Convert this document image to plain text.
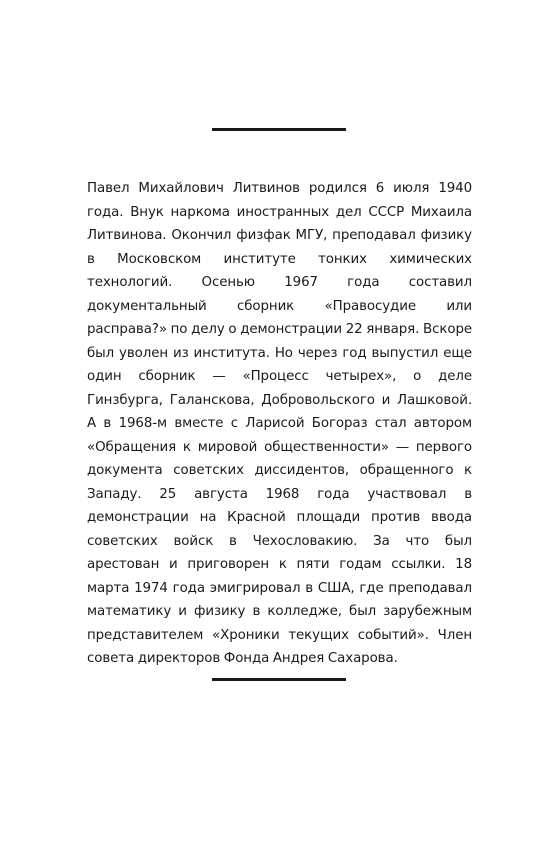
Павел Михайлович Литвинов родился 6 июля 1940 года. Внук наркома иностранных дел СССР Михаила Литвинова. Окончил физфак МГУ, преподавал физику в Московском институте тонких химических технологий. Осенью 1967 года составил документальный сборник «Правосудие или расправа?» по делу о демонстрации 22 января. Вскоре был уволен из института. Но через год выпустил еще один сборник — «Процесс четырех», о деле Гинзбурга, Галанскова, Добровольского и Лашковой. А в 1968-м вместе с Ларисой Богораз стал автором «Обращения к мировой общественности» — первого документа советских диссидентов, обращенного к Западу. 25 августа 1968 года участвовал в демонстрации на Красной площади против ввода советских войск в Чехословакию. За что был арестован и приговорен к пяти годам ссылки. 18 марта 1974 года эмигрировал в США, где преподавал математику и физику в колледже, был зарубежным представителем «Хроники текущих событий». Член совета директоров Фонда Андрея Сахарова.
